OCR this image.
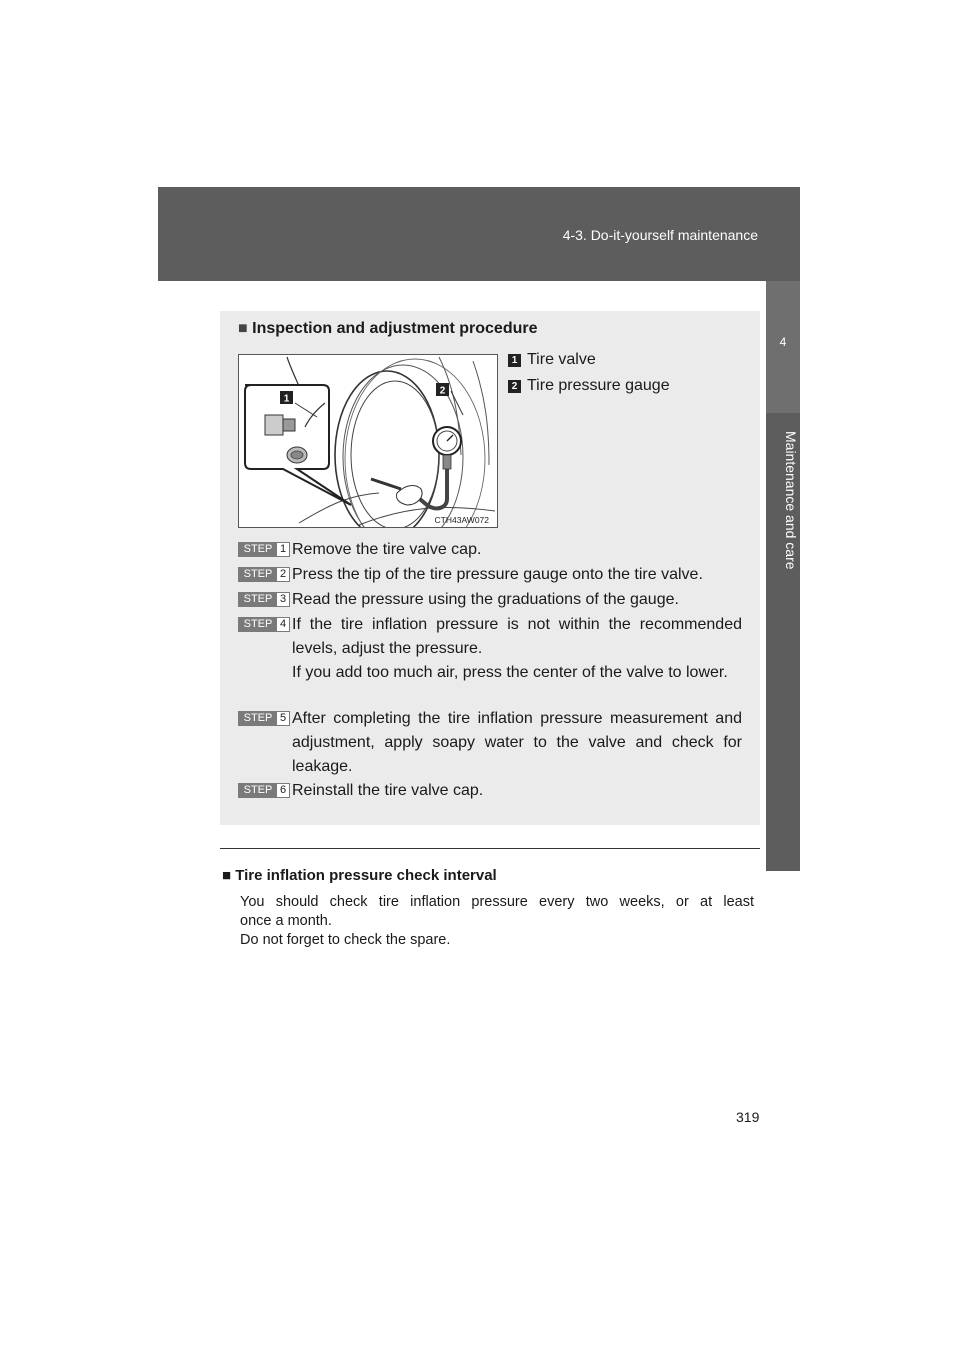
4-3. Do-it-yourself maintenance
4
Maintenance and care
■ Inspection and adjustment procedure
2
1
CTH43AW072
1 Tire valve
2 Tire pressure gauge
STEP 1 Remove the tire valve cap.
STEP 2 Press the tip of the tire pressure gauge onto the tire valve.
STEP 3 Read the pressure using the graduations of the gauge.
STEP 4 If the tire inflation pressure is not within the recommended levels, adjust the pressure.
If you add too much air, press the center of the valve to lower.
STEP 5 After completing the tire inflation pressure measurement and adjustment, apply soapy water to the valve and check for leakage.
STEP 6 Reinstall the tire valve cap.
■ Tire inflation pressure check interval

You should check tire inflation pressure every two weeks, or at least

once a month.

Do not forget to check the spare.

319
